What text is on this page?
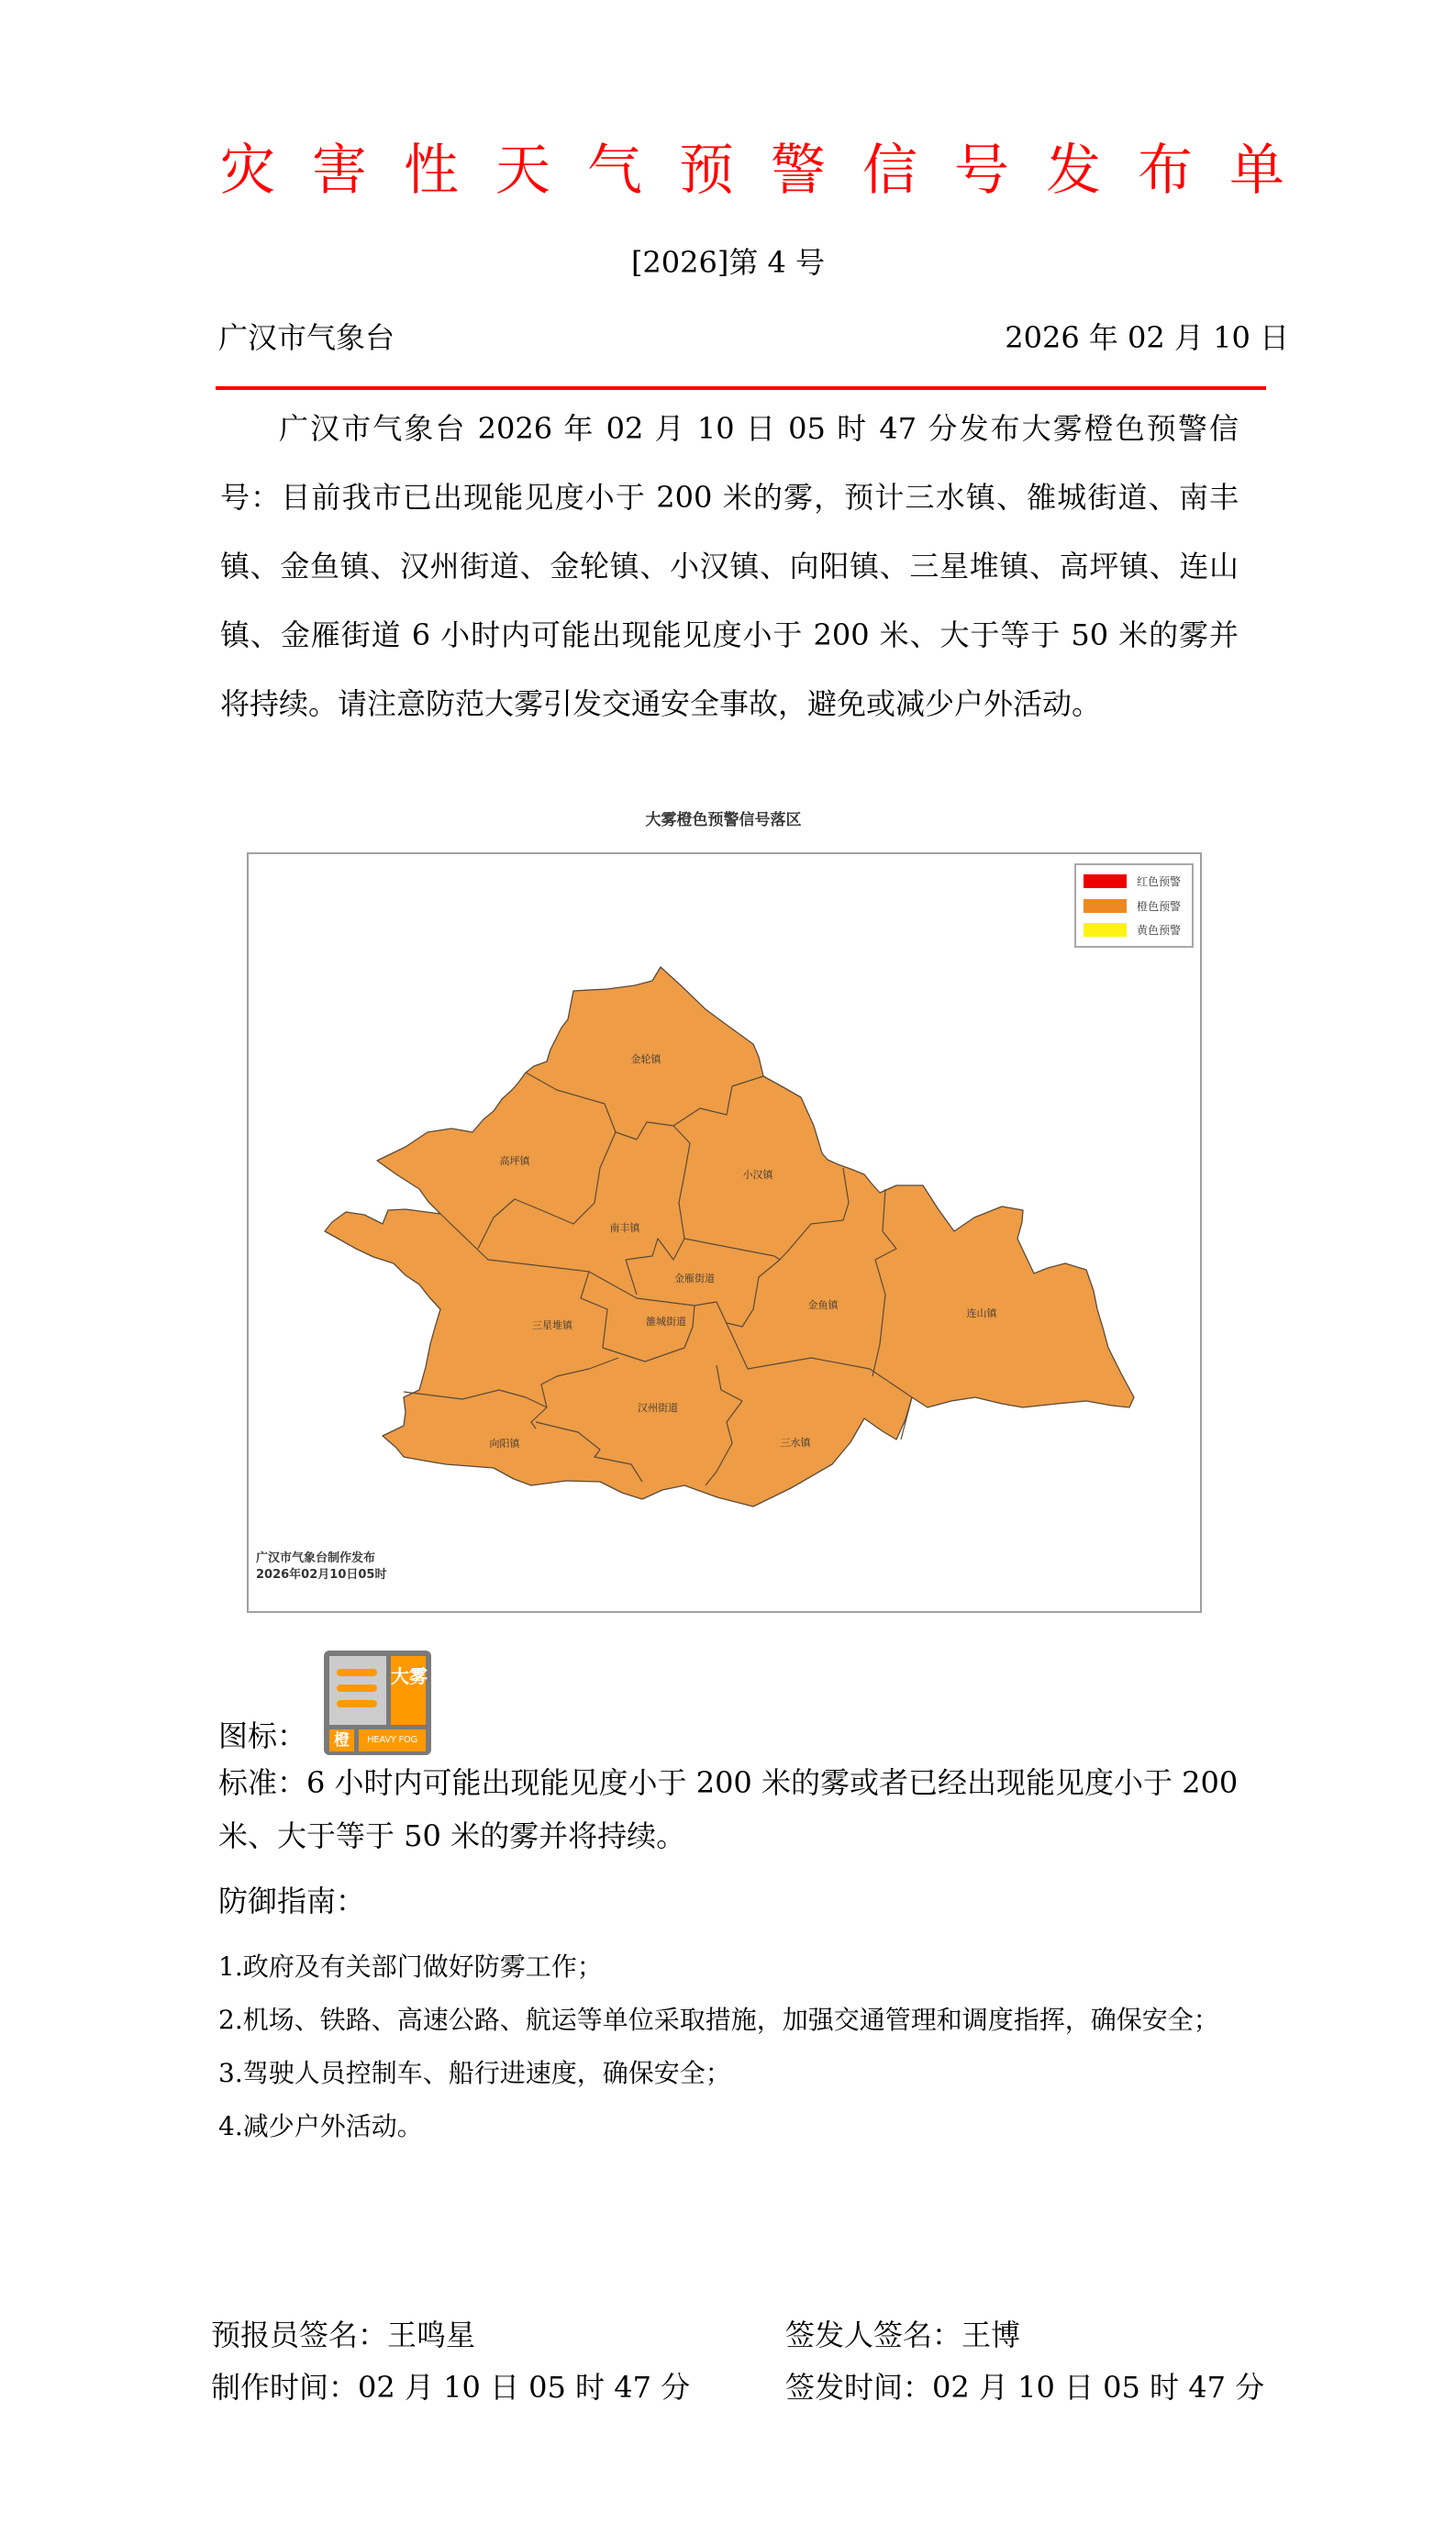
灾害性天气预警信号发布单
[2026]第 4 号
广汉市气象台	2026 年 02 月 10 日

广汉市气象台 2026 年 02 月 10 日 05 时 47 分发布大雾橙色预警信号：目前我市已出现能见度小于 200 米的雾，预计三水镇、雒城街道、南丰镇、金鱼镇、汉州街道、金轮镇、小汉镇、向阳镇、三星堆镇、高坪镇、连山镇、金雁街道 6 小时内可能出现能见度小于 200 米、大于等于 50 米的雾并将持续。请注意防范大雾引发交通安全事故，避免或减少户外活动。

大雾橙色预警信号落区
金轮镇
高坪镇
小汉镇
南丰镇
金雁街道
金鱼镇
连山镇
三星堆镇	雒城街道
汉州街道
向阳镇	三水镇
红色预警
橙色预警
黄色预警
广汉市气象台制作发布
2026年02月10日05时
图标：
大雾
橙	HEAVY FOG
标准：6 小时内可能出现能见度小于 200 米的雾或者已经出现能见度小于 200 米、大于等于 50 米的雾并将持续。
防御指南：
1.政府及有关部门做好防雾工作；
2.机场、铁路、高速公路、航运等单位采取措施，加强交通管理和调度指挥，确保安全；
3.驾驶人员控制车、船行进速度，确保安全；
4.减少户外活动。
预报员签名：王鸣星	签发人签名：王博
制作时间：02 月 10 日 05 时 47 分	签发时间：02 月 10 日 05 时 47 分
